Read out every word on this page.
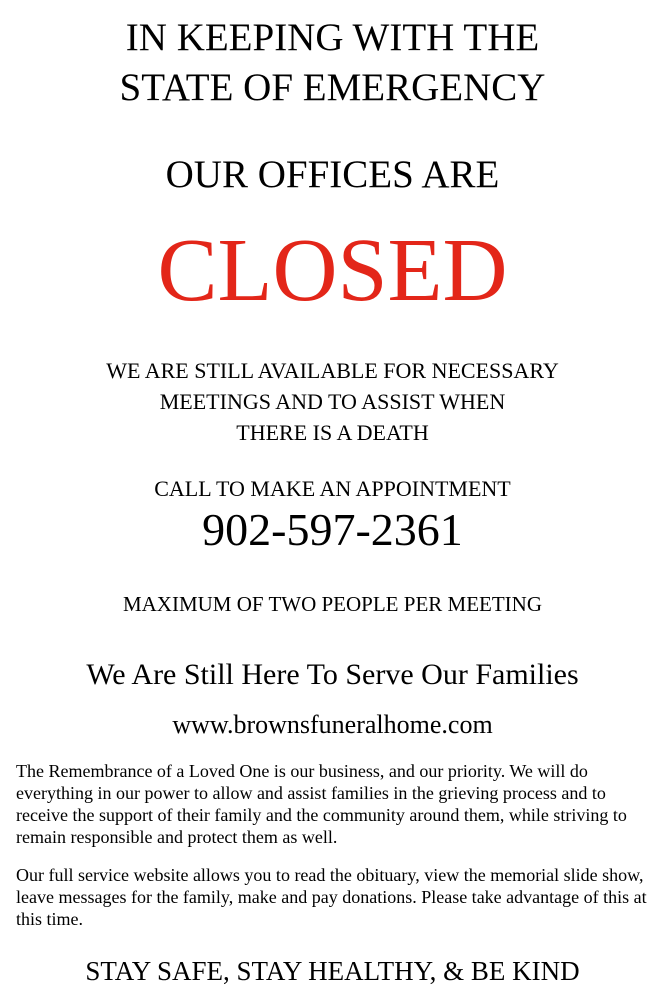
IN KEEPING WITH THE
STATE OF EMERGENCY
OUR OFFICES ARE
CLOSED
WE ARE STILL AVAILABLE FOR NECESSARY
MEETINGS AND TO ASSIST WHEN
THERE IS A DEATH
CALL TO MAKE AN APPOINTMENT
902-597-2361
MAXIMUM OF TWO PEOPLE PER MEETING
We Are Still Here To Serve Our Families
www.brownsfuneralhome.com
The Remembrance of a Loved One is our business, and our priority. We will do everything in our power to allow and assist families in the grieving process and to receive the support of their family and the community around them, while striving to remain responsible and protect them as well.
Our full service website allows you to read the obituary, view the memorial slide show, leave messages for the family, make and pay donations. Please take advantage of this at this time.
STAY SAFE, STAY HEALTHY, & BE KIND
